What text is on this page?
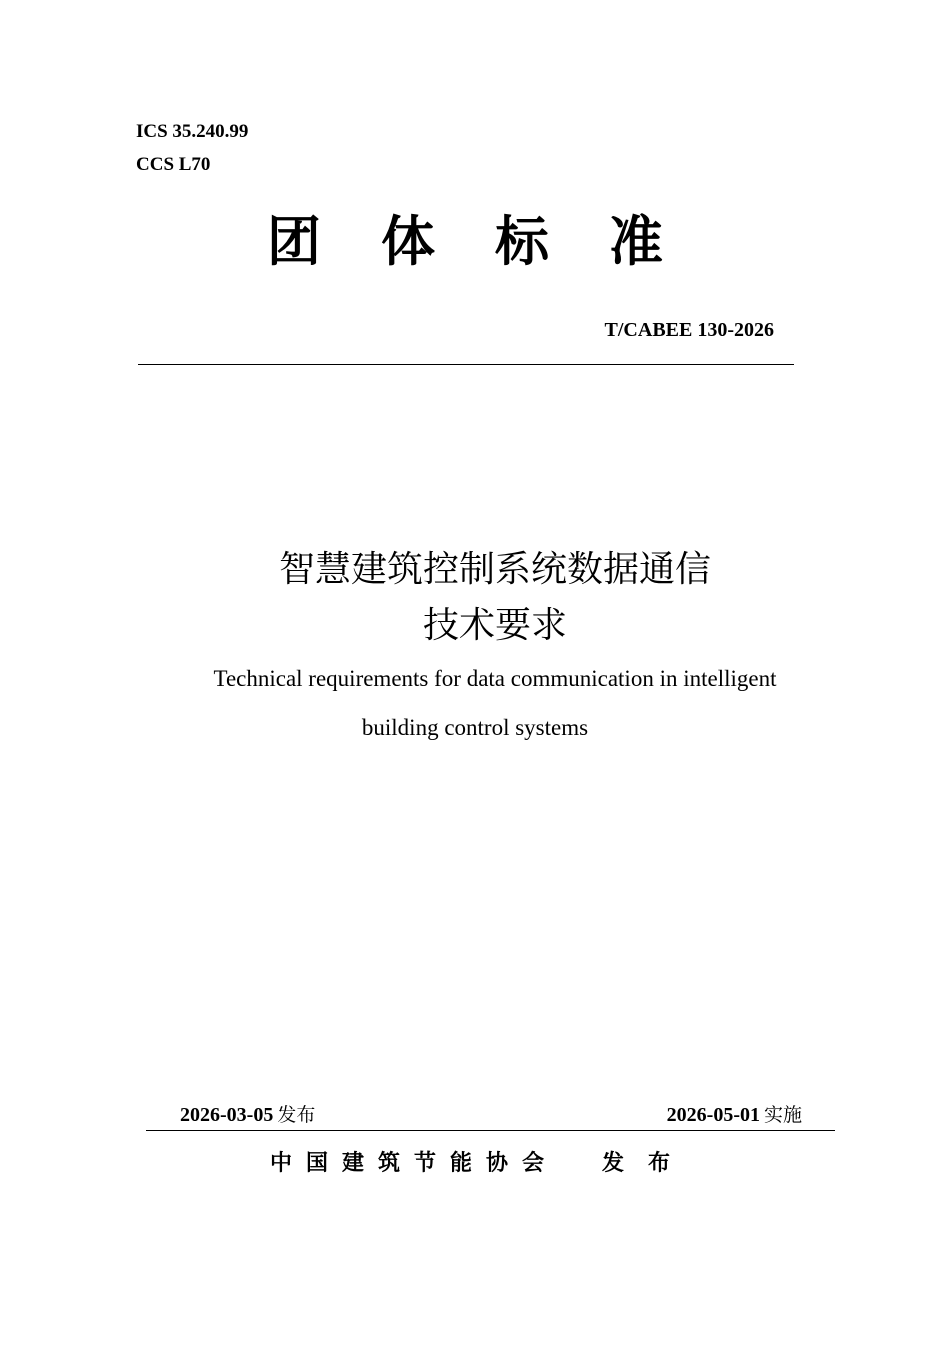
ICS 35.240.99
CCS L70
团体标准
T/CABEE 130-2026
智慧建筑控制系统数据通信
技术要求
Technical requirements for data communication in intelligent
building control systems
2026-03-05 发布	2026-05-01 实施
中国建筑节能协会 发布
